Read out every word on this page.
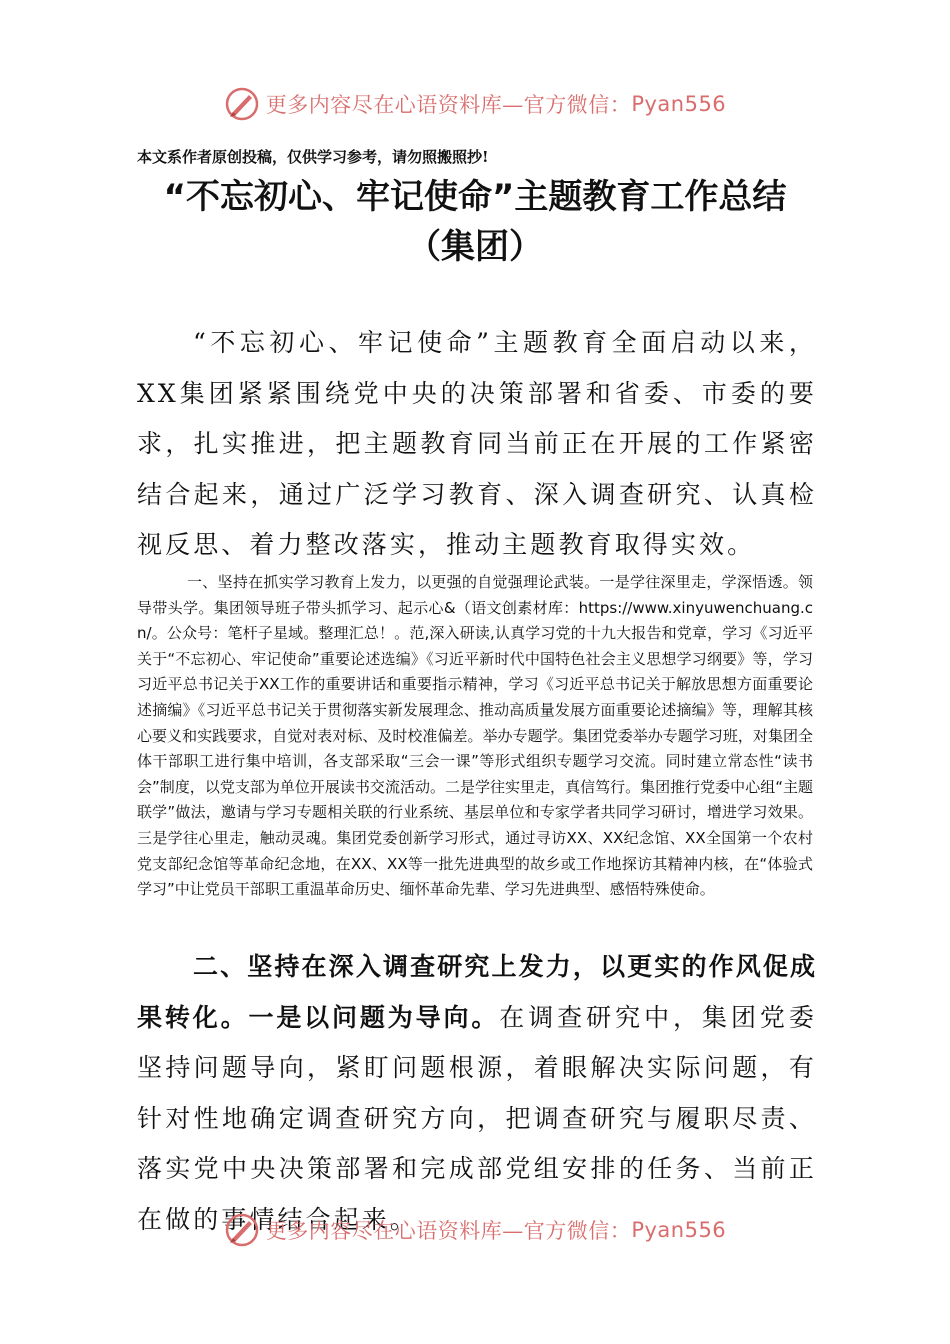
更多内容尽在心语资料库—官方微信： Pyan556
本文系作者原创投稿，仅供学习参考，请勿照搬照抄!
“不忘初心、牢记使命”主题教育工作总结
（集团）
“不忘初心、牢记使命”主题教育全面启动以来，XX集团紧紧围绕党中央的决策部署和省委、市委的要求，扎实推进，把主题教育同当前正在开展的工作紧密结合起来，通过广泛学习教育、深入调查研究、认真检视反思、着力整改落实，推动主题教育取得实效。
一、坚持在抓实学习教育上发力，以更强的自觉强理论武装。一是学往深里走，学深悟透。领导带头学。集团领导班子带头抓学习、起示心&（语文创素材库：https://www.xinyuwenchuang.cn/。公众号：笔杆子星域。整理汇总！。范,深入研读,认真学习党的十九大报告和党章，学习《习近平关于“不忘初心、牢记使命”重要论述选编》《习近平新时代中国特色社会主义思想学习纲要》等，学习习近平总书记关于XX工作的重要讲话和重要指示精神，学习《习近平总书记关于解放思想方面重要论述摘编》《习近平总书记关于贯彻落实新发展理念、推动高质量发展方面重要论述摘编》等，理解其核心要义和实践要求，自觉对表对标、及时校准偏差。举办专题学。集团党委举办专题学习班，对集团全体干部职工进行集中培训，各支部采取“三会一课”等形式组织专题学习交流。同时建立常态性“读书会”制度，以党支部为单位开展读书交流活动。二是学往实里走，真信笃行。集团推行党委中心组“主题联学”做法，邀请与学习专题相关联的行业系统、基层单位和专家学者共同学习研讨，增进学习效果。三是学往心里走，触动灵魂。集团党委创新学习形式，通过寻访XX、XX纪念馆、XX全国第一个农村党支部纪念馆等革命纪念地，在XX、XX等一批先进典型的故乡或工作地探访其精神内核，在“体验式学习”中让党员干部职工重温革命历史、缅怀革命先辈、学习先进典型、感悟特殊使命。
二、坚持在深入调查研究上发力，以更实的作风促成果转化。一是以问题为导向。在调查研究中，集团党委坚持问题导向，紧盯问题根源，着眼解决实际问题，有针对性地确定调查研究方向，把调查研究与履职尽责、落实党中央决策部署和完成部党组安排的任务、当前正在做的事情结合起来。
更多内容尽在心语资料库—官方微信： Pyan556
